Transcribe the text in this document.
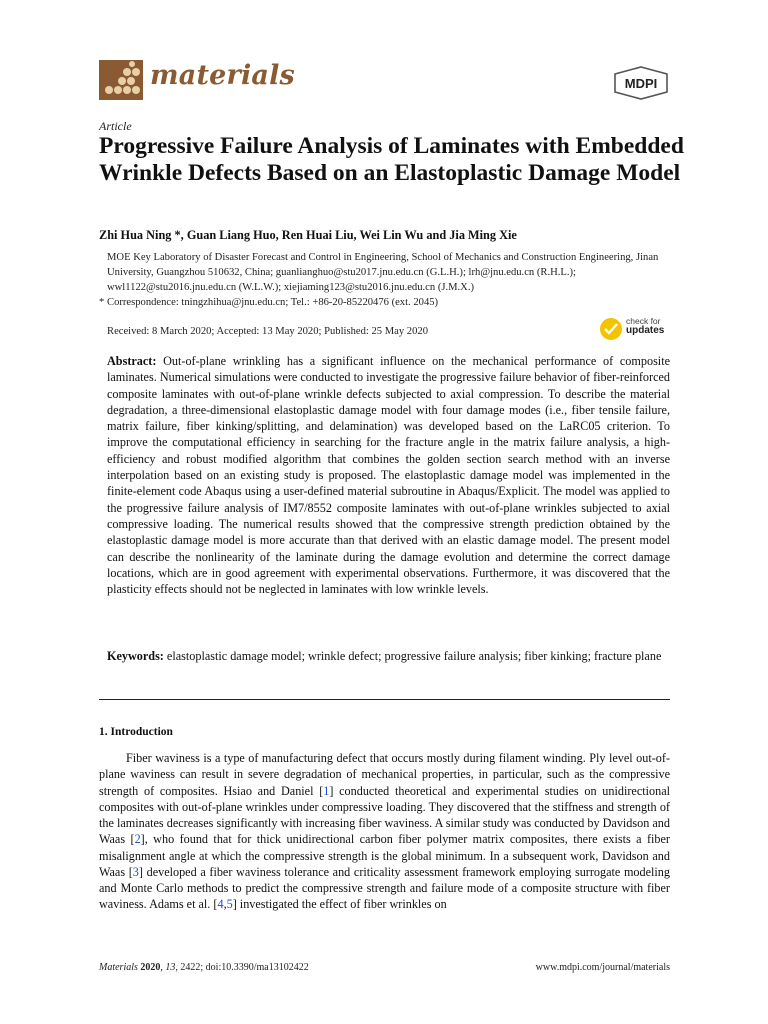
materials	MDPI
Article
Progressive Failure Analysis of Laminates with Embedded Wrinkle Defects Based on an Elastoplastic Damage Model
Zhi Hua Ning *, Guan Liang Huo, Ren Huai Liu, Wei Lin Wu and Jia Ming Xie
MOE Key Laboratory of Disaster Forecast and Control in Engineering, School of Mechanics and Construction Engineering, Jinan University, Guangzhou 510632, China; guanlianghuo@stu2017.jnu.edu.cn (G.L.H.); lrh@jnu.edu.cn (R.H.L.); wwl1122@stu2016.jnu.edu.cn (W.L.W.); xiejiaming123@stu2016.jnu.edu.cn (J.M.X.)
* Correspondence: tningzhihua@jnu.edu.cn; Tel.: +86-20-85220476 (ext. 2045)
Received: 8 March 2020; Accepted: 13 May 2020; Published: 25 May 2020
check for
updates
Abstract: Out-of-plane wrinkling has a significant influence on the mechanical performance of composite laminates. Numerical simulations were conducted to investigate the progressive failure behavior of fiber-reinforced composite laminates with out-of-plane wrinkle defects subjected to axial compression. To describe the material degradation, a three-dimensional elastoplastic damage model with four damage modes (i.e., fiber tensile failure, matrix failure, fiber kinking/splitting, and delamination) was developed based on the LaRC05 criterion. To improve the computational efficiency in searching for the fracture angle in the matrix failure analysis, a high-efficiency and robust modified algorithm that combines the golden section search method with an inverse interpolation based on an existing study is proposed. The elastoplastic damage model was implemented in the finite-element code Abaqus using a user-defined material subroutine in Abaqus/Explicit. The model was applied to the progressive failure analysis of IM7/8552 composite laminates with out-of-plane wrinkles subjected to axial compressive loading. The numerical results showed that the compressive strength prediction obtained by the elastoplastic damage model is more accurate than that derived with an elastic damage model. The present model can describe the nonlinearity of the laminate during the damage evolution and determine the correct damage locations, which are in good agreement with experimental observations. Furthermore, it was discovered that the plasticity effects should not be neglected in laminates with low wrinkle levels.
Keywords: elastoplastic damage model; wrinkle defect; progressive failure analysis; fiber kinking; fracture plane
1. Introduction
Fiber waviness is a type of manufacturing defect that occurs mostly during filament winding. Ply level out-of-plane waviness can result in severe degradation of mechanical properties, in particular, such as the compressive strength of composites. Hsiao and Daniel [1] conducted theoretical and experimental studies on unidirectional composites with out-of-plane wrinkles under compressive loading. They discovered that the stiffness and strength of the laminates decreases significantly with increasing fiber waviness. A similar study was conducted by Davidson and Waas [2], who found that for thick unidirectional carbon fiber polymer matrix composites, there exists a fiber misalignment angle at which the compressive strength is the global minimum. In a subsequent work, Davidson and Waas [3] developed a fiber waviness tolerance and criticality assessment framework employing surrogate modeling and Monte Carlo methods to predict the compressive strength and failure mode of a composite structure with fiber waviness. Adams et al. [4,5] investigated the effect of fiber wrinkles on
Materials 2020, 13, 2422; doi:10.3390/ma13102422	www.mdpi.com/journal/materials
